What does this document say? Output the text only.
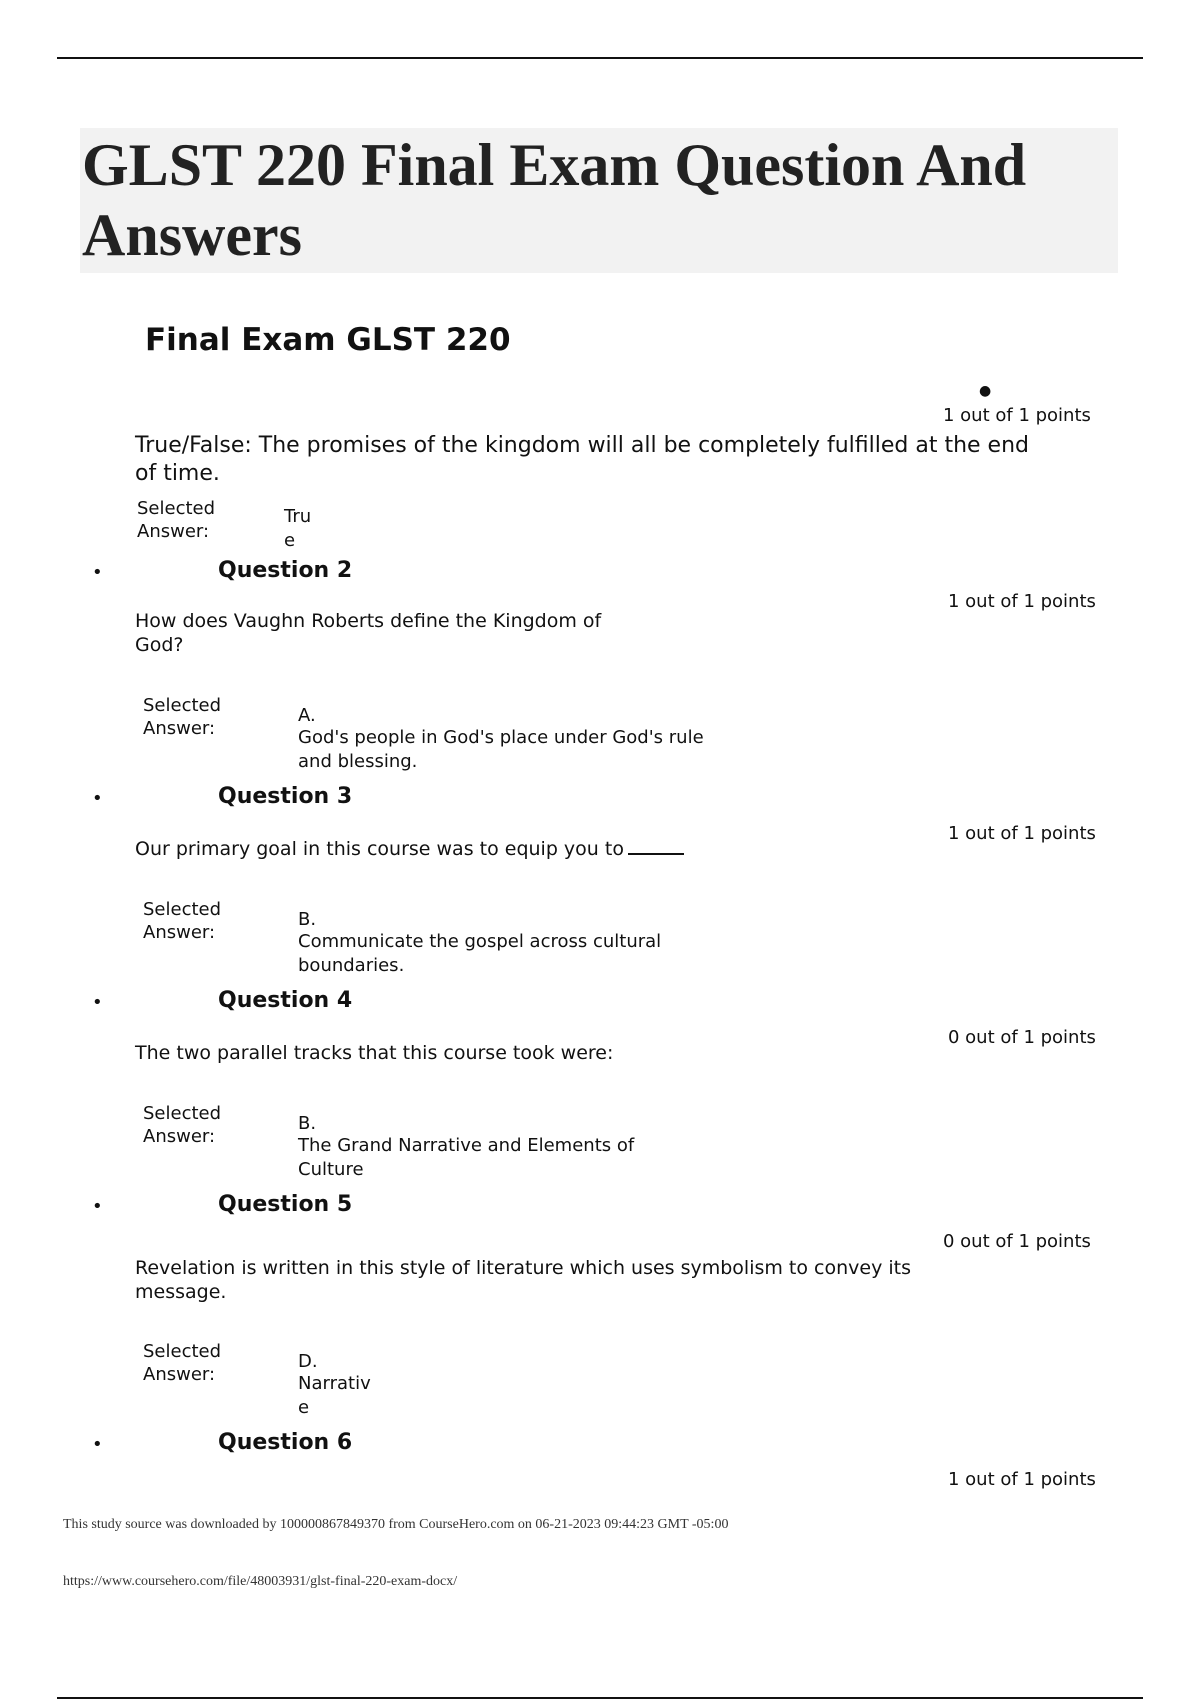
GLST 220 Final Exam Question And Answers
Final Exam GLST 220
●
1 out of 1 points
True/False: The promises of the kingdom will all be completely fulfilled at the end of time.
Selected Answer:
Tru e
•	Question 2
1 out of 1 points
How does Vaughn Roberts define the Kingdom of God?
Selected Answer:
A.
God's people in God's place under God's rule and blessing.
•	Question 3
1 out of 1 points
Our primary goal in this course was to equip you to
Selected Answer:
B.
Communicate the gospel across cultural boundaries.
•	Question 4
0 out of 1 points
The two parallel tracks that this course took were:
Selected Answer:
B.
The Grand Narrative and Elements of Culture
•	Question 5
0 out of 1 points
Revelation is written in this style of literature which uses symbolism to convey its message.
Selected Answer:
D.
Narrativ e
•	Question 6
1 out of 1 points
This study source was downloaded by 100000867849370 from CourseHero.com on 06-21-2023 09:44:23 GMT -05:00
https://www.coursehero.com/file/48003931/glst-final-220-exam-docx/
